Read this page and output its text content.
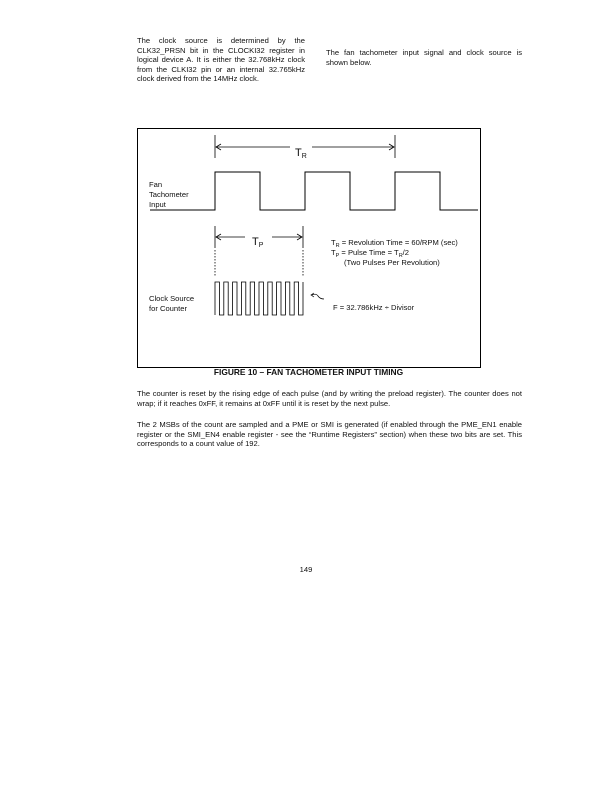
The clock source is determined by the CLK32_PRSN bit in the CLOCKI32 register in logical device A. It is either the 32.768kHz clock from the CLKI32 pin or an internal 32.765kHz clock derived from the 14MHz clock.
The fan tachometer input signal and clock source is shown below.
TR
Fan
Tachometer
Input
TP	$T_R$ = Revolution Time = 60/RPM (sec)
$T_P$ = Pulse Time = $T_R/2$
(Two Pulses Per Revolution)
Clock Source
for Counter	F = 32.786kHz ÷ Divisor
FIGURE 10 – FAN TACHOMETER INPUT TIMING
The counter is reset by the rising edge of each pulse (and by writing the preload register). The counter does not wrap; if it reaches 0xFF, it remains at 0xFF until it is reset by the next pulse.
The 2 MSBs of the count are sampled and a PME or SMI is generated (if enabled through the PME_EN1 enable register or the SMI_EN4 enable register - see the “Runtime Registers” section) when these two bits are set. This corresponds to a count value of 192.
149
